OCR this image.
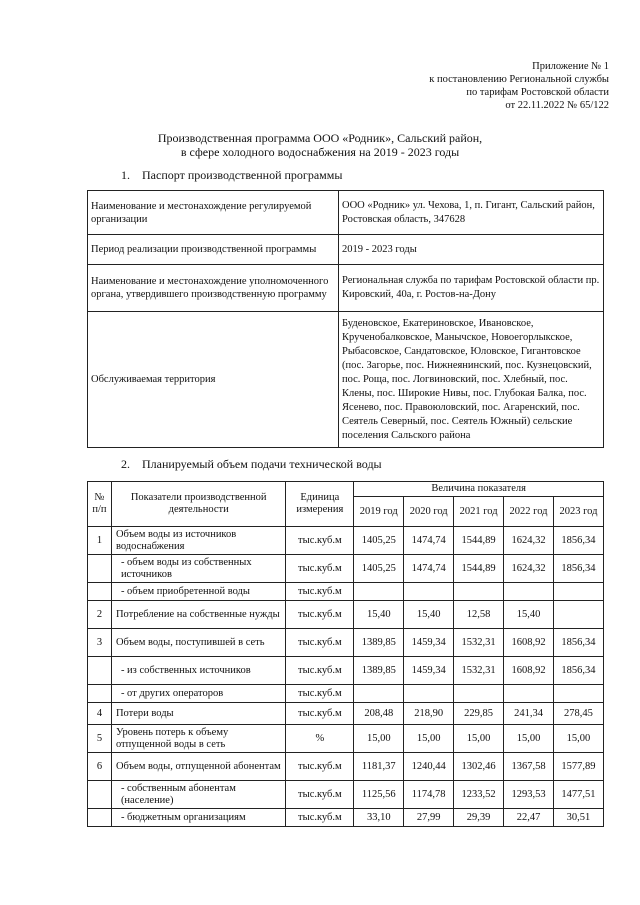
Приложение № 1
к постановлению Региональной службы
по тарифам Ростовской области
от 22.11.2022 № 65/122
Производственная программа ООО «Родник», Сальский район,
в сфере холодного водоснабжения на 2019 - 2023 годы
1. Паспорт производственной программы
Наименование и местонахождение регулируемой организации	ООО «Родник» ул. Чехова, 1, п. Гигант, Сальский район, Ростовская область, 347628
Период реализации производственной программы	2019 - 2023 годы
Наименование и местонахождение уполномоченного органа, утвердившего производственную программу	Региональная служба по тарифам Ростовской области пр. Кировский, 40а, г. Ростов-на-Дону
Обслуживаемая территория	Буденовское, Екатериновское, Ивановское, Крученобалковское, Манычское, Новоегорлыкское, Рыбасовское, Сандатовское, Юловское, Гигантовское (пос. Загорье, пос. Нижнеянинский, пос. Кузнецовский, пос. Роща, пос. Логвиновский, пос. Хлебный, пос. Клены, пос. Широкие Нивы, пос. Глубокая Балка, пос. Ясенево, пос. Правоюловский, пос. Агаренский, пос. Сеятель Северный, пос. Сеятель Южный) сельские поселения Сальского района
2. Планируемый объем подачи технической воды
№ п/п	Показатели производственной деятельности	Единица измерения	Величина показателя				
			2019 год	2020 год	2021 год	2022 год	2023 год
1	Объем воды из источников водоснабжения	тыс.куб.м	1405,25	1474,74	1544,89	1624,32	1856,34
	- объем воды из собственных источников	тыс.куб.м	1405,25	1474,74	1544,89	1624,32	1856,34
	- объем приобретенной воды	тыс.куб.м					
2	Потребление на собственные нужды	тыс.куб.м	15,40	15,40	12,58	15,40	
3	Объем воды, поступившей в сеть	тыс.куб.м	1389,85	1459,34	1532,31	1608,92	1856,34
	- из собственных источников	тыс.куб.м	1389,85	1459,34	1532,31	1608,92	1856,34
	- от других операторов	тыс.куб.м					
4	Потери воды	тыс.куб.м	208,48	218,90	229,85	241,34	278,45
5	Уровень потерь к объему отпущенной воды в сеть	%	15,00	15,00	15,00	15,00	15,00
6	Объем воды, отпущенной абонентам	тыс.куб.м	1181,37	1240,44	1302,46	1367,58	1577,89
	- собственным абонентам (население)	тыс.куб.м	1125,56	1174,78	1233,52	1293,53	1477,51
	- бюджетным организациям	тыс.куб.м	33,10	27,99	29,39	22,47	30,51
